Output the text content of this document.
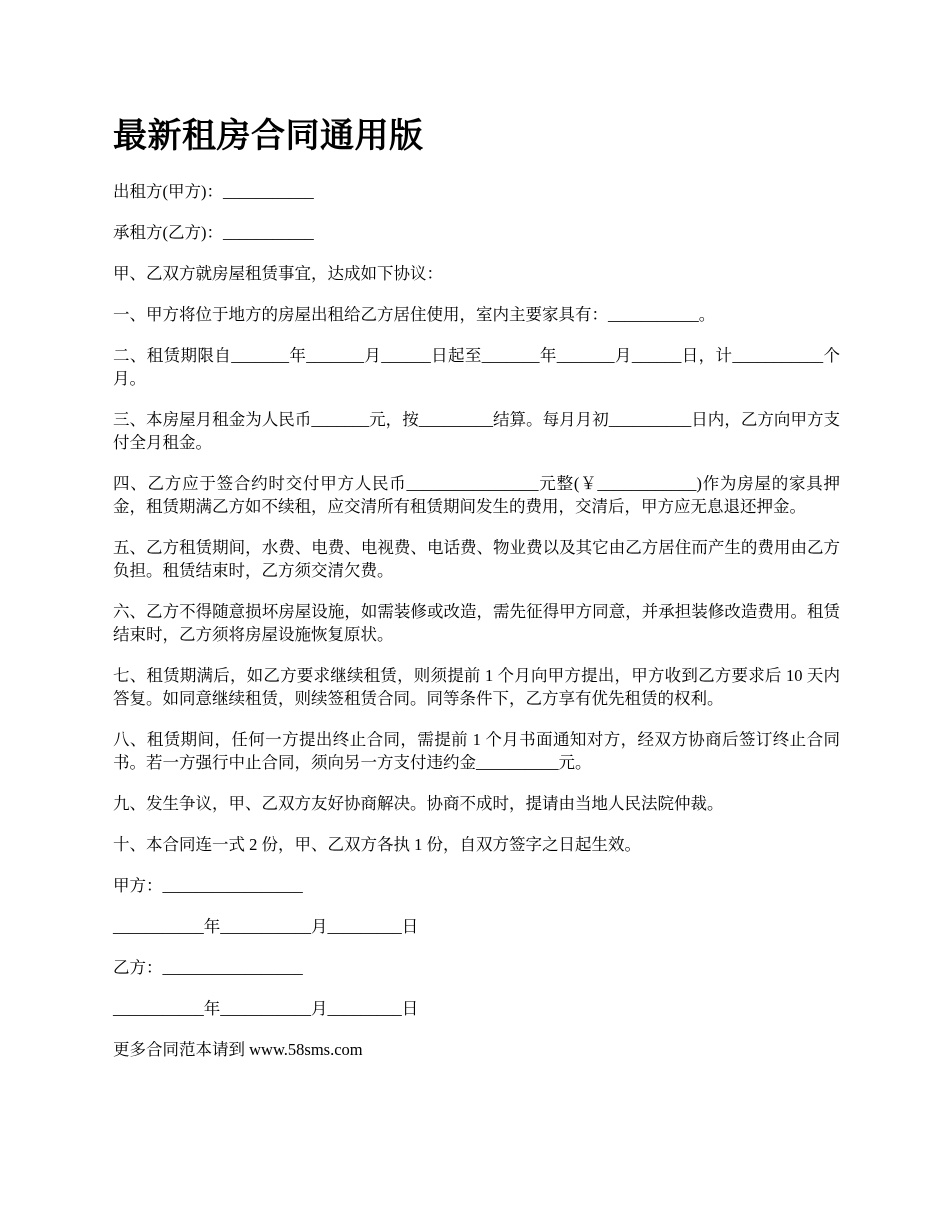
最新租房合同通用版

出租方(甲方)：___________

承租方(乙方)：___________

甲、乙双方就房屋租赁事宜，达成如下协议：

一、甲方将位于地方的房屋出租给乙方居住使用，室内主要家具有：___________。

二、租赁期限自_______年_______月______日起至_______年_______月______日，计___________个月。

三、本房屋月租金为人民币_______元，按_________结算。每月月初__________日内，乙方向甲方支付全月租金。

四、乙方应于签合约时交付甲方人民币________________元整(￥____________)作为房屋的家具押金，租赁期满乙方如不续租，应交清所有租赁期间发生的费用，交清后，甲方应无息退还押金。

五、乙方租赁期间，水费、电费、电视费、电话费、物业费以及其它由乙方居住而产生的费用由乙方负担。租赁结束时，乙方须交清欠费。

六、乙方不得随意损坏房屋设施，如需装修或改造，需先征得甲方同意，并承担装修改造费用。租赁结束时，乙方须将房屋设施恢复原状。

七、租赁期满后，如乙方要求继续租赁，则须提前 1 个月向甲方提出，甲方收到乙方要求后 10 天内答复。如同意继续租赁，则续签租赁合同。同等条件下，乙方享有优先租赁的权利。

八、租赁期间，任何一方提出终止合同，需提前 1 个月书面通知对方，经双方协商后签订终止合同书。若一方强行中止合同，须向另一方支付违约金__________元。

九、发生争议，甲、乙双方友好协商解决。协商不成时，提请由当地人民法院仲裁。

十、本合同连一式 2 份，甲、乙双方各执 1 份，自双方签字之日起生效。

甲方：_________________

___________年___________月_________日

乙方：_________________

___________年___________月_________日

更多合同范本请到 www.58sms.com
